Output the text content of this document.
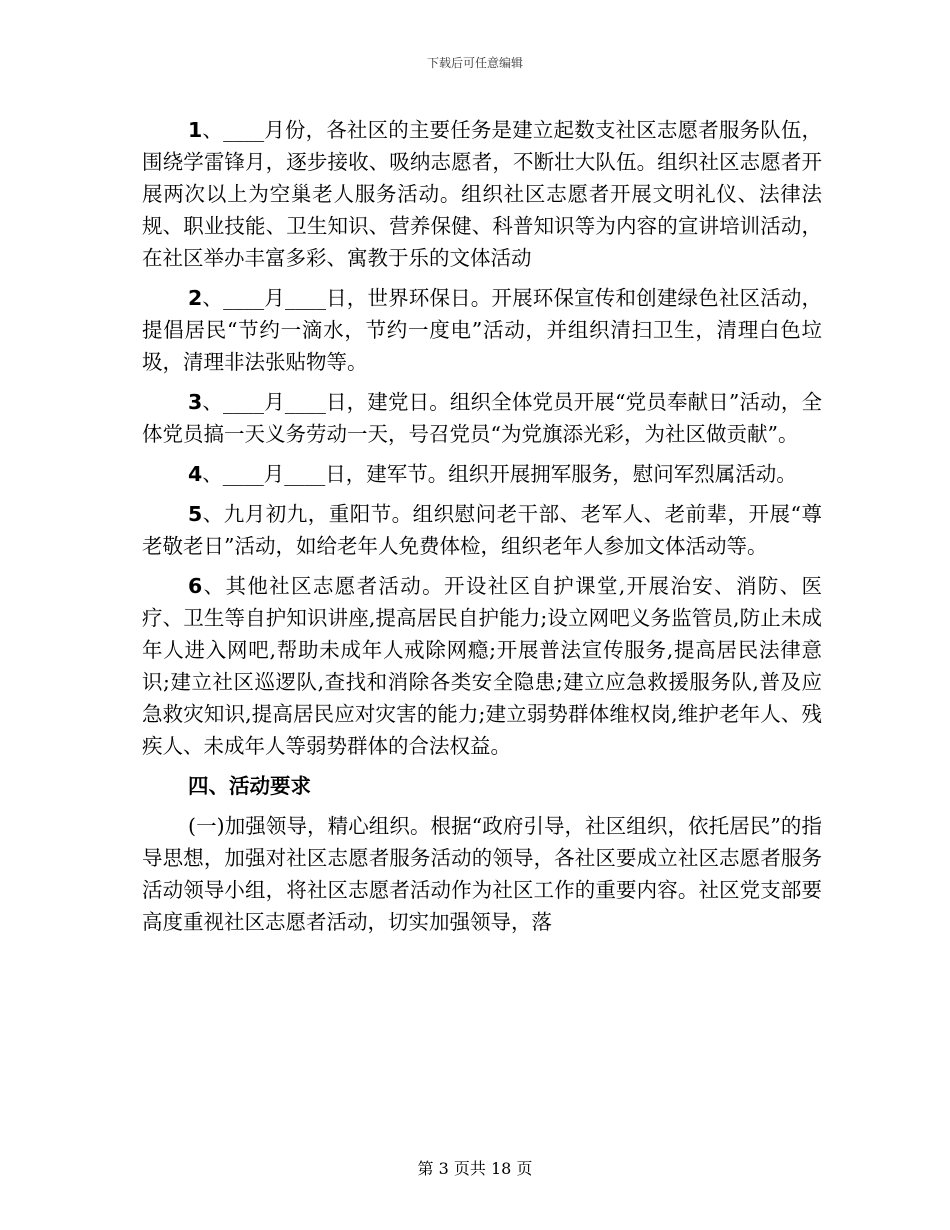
下载后可任意编辑

1、____月份，各社区的主要任务是建立起数支社区志愿者服务队伍，围绕学雷锋月，逐步接收、吸纳志愿者，不断壮大队伍。组织社区志愿者开展两次以上为空巢老人服务活动。组织社区志愿者开展文明礼仪、法律法规、职业技能、卫生知识、营养保健、科普知识等为内容的宣讲培训活动，在社区举办丰富多彩、寓教于乐的文体活动

2、____月____日，世界环保日。开展环保宣传和创建绿色社区活动，提倡居民“节约一滴水，节约一度电”活动，并组织清扫卫生，清理白色垃圾，清理非法张贴物等。

3、____月____日，建党日。组织全体党员开展“党员奉献日”活动，全体党员搞一天义务劳动一天，号召党员“为党旗添光彩，为社区做贡献”。

4、____月____日，建军节。组织开展拥军服务，慰问军烈属活动。

5、九月初九，重阳节。组织慰问老干部、老军人、老前辈，开展“尊老敬老日”活动，如给老年人免费体检，组织老年人参加文体活动等。

6、其他社区志愿者活动。开设社区自护课堂,开展治安、消防、医疗、卫生等自护知识讲座,提高居民自护能力;设立网吧义务监管员,防止未成年人进入网吧,帮助未成年人戒除网瘾;开展普法宣传服务,提高居民法律意识;建立社区巡逻队,查找和消除各类安全隐患;建立应急救援服务队,普及应急救灾知识,提高居民应对灾害的能力;建立弱势群体维权岗,维护老年人、残疾人、未成年人等弱势群体的合法权益。

四、活动要求

(一)加强领导，精心组织。根据“政府引导，社区组织，依托居民”的指导思想，加强对社区志愿者服务活动的领导，各社区要成立社区志愿者服务活动领导小组，将社区志愿者活动作为社区工作的重要内容。社区党支部要高度重视社区志愿者活动，切实加强领导，落

第 3 页共 18 页
